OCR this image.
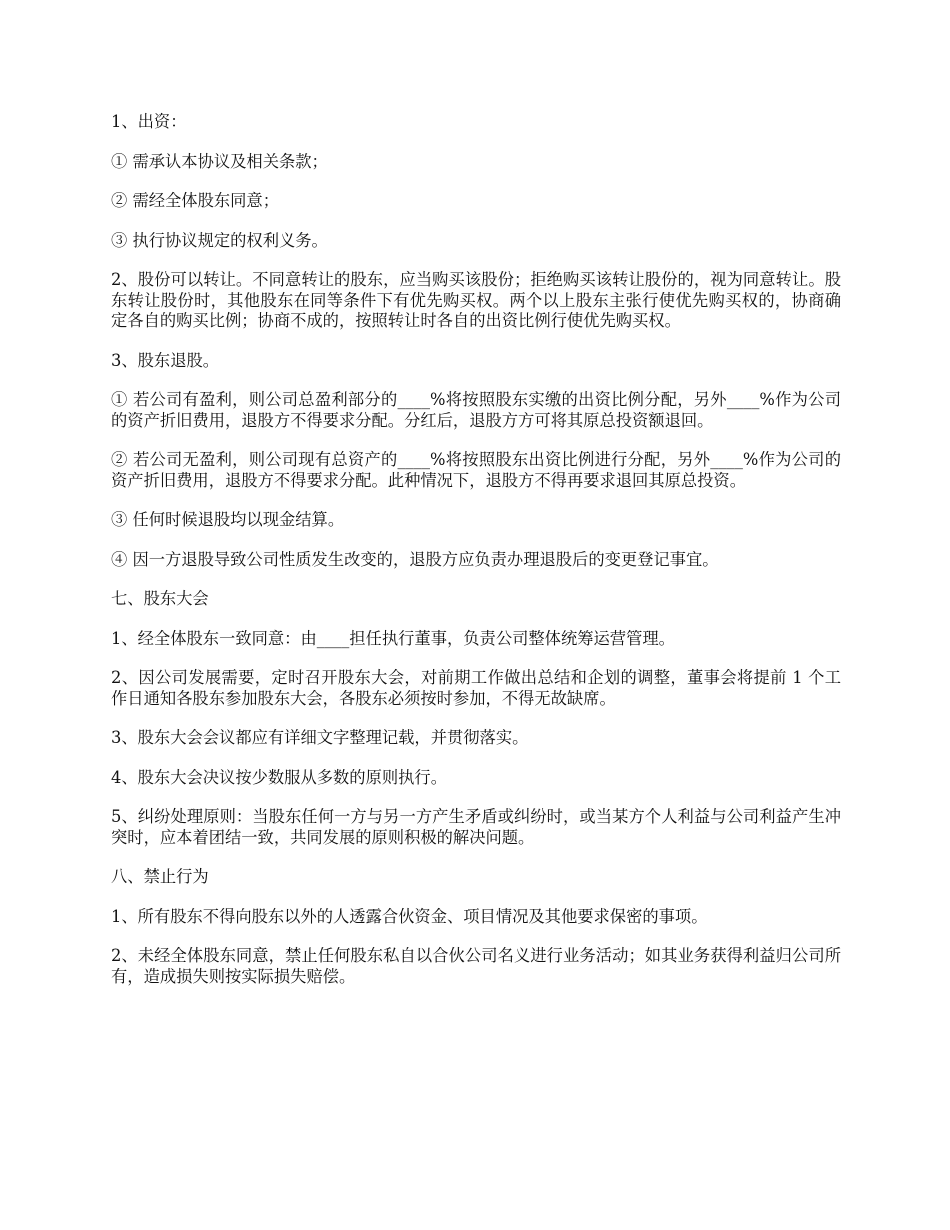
1、出资：

① 需承认本协议及相关条款；

② 需经全体股东同意；

③ 执行协议规定的权利义务。

2、股份可以转让。不同意转让的股东，应当购买该股份；拒绝购买该转让股份的，视为同意转让。股东转让股份时，其他股东在同等条件下有优先购买权。两个以上股东主张行使优先购买权的，协商确定各自的购买比例；协商不成的，按照转让时各自的出资比例行使优先购买权。

3、股东退股。

① 若公司有盈利，则公司总盈利部分的____%将按照股东实缴的出资比例分配，另外____%作为公司的资产折旧费用，退股方不得要求分配。分红后，退股方方可将其原总投资额退回。

② 若公司无盈利，则公司现有总资产的____%将按照股东出资比例进行分配，另外____%作为公司的资产折旧费用，退股方不得要求分配。此种情况下，退股方不得再要求退回其原总投资。

③ 任何时候退股均以现金结算。

④ 因一方退股导致公司性质发生改变的，退股方应负责办理退股后的变更登记事宜。

七、股东大会

1、经全体股东一致同意：由____担任执行董事，负责公司整体统筹运营管理。

2、因公司发展需要，定时召开股东大会，对前期工作做出总结和企划的调整，董事会将提前 1 个工作日通知各股东参加股东大会，各股东必须按时参加，不得无故缺席。

3、股东大会会议都应有详细文字整理记载，并贯彻落实。

4、股东大会决议按少数服从多数的原则执行。

5、纠纷处理原则：当股东任何一方与另一方产生矛盾或纠纷时，或当某方个人利益与公司利益产生冲突时，应本着团结一致，共同发展的原则积极的解决问题。

八、禁止行为

1、所有股东不得向股东以外的人透露合伙资金、项目情况及其他要求保密的事项。

2、未经全体股东同意，禁止任何股东私自以合伙公司名义进行业务活动；如其业务获得利益归公司所有，造成损失则按实际损失赔偿。
